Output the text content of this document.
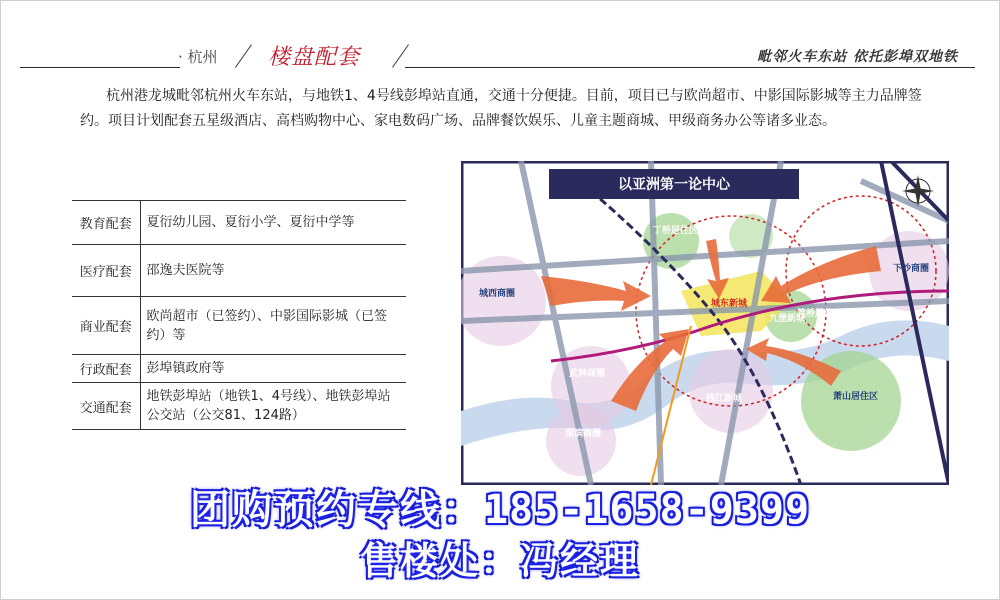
· 杭州 楼盘配套	毗邻火车东站 依托彭埠双地铁

杭州港龙城毗邻杭州火车东站，与地铁1、4号线彭埠站直通，交通十分便捷。目前，项目已与欧尚超市、中影国际影城等主力品牌签约。项目计划配套五星级酒店、高档购物中心、家电数码广场、品牌餐饮娱乐、儿童主题商城、甲级商务办公等诸多业态。

教育配套	夏衍幼儿园、夏衍小学、夏衍中学等
医疗配套	邵逸夫医院等
商业配套	欧尚超市（已签约）、中影国际影城（已签约）等
行政配套	彭埠镇政府等
交通配套	地铁彭埠站（地铁1、4号线）、地铁彭埠站公交站（公交81、124路）
以亚洲第一论中心
城西商圈
武林商圈
湖滨商圈
钱江新城
城东新城
下沙商圈
萧山居住区
九堡新城
丁桥居住区
笕桥居住区
团购预约专线：185-1658-9399
售楼处：冯经理
